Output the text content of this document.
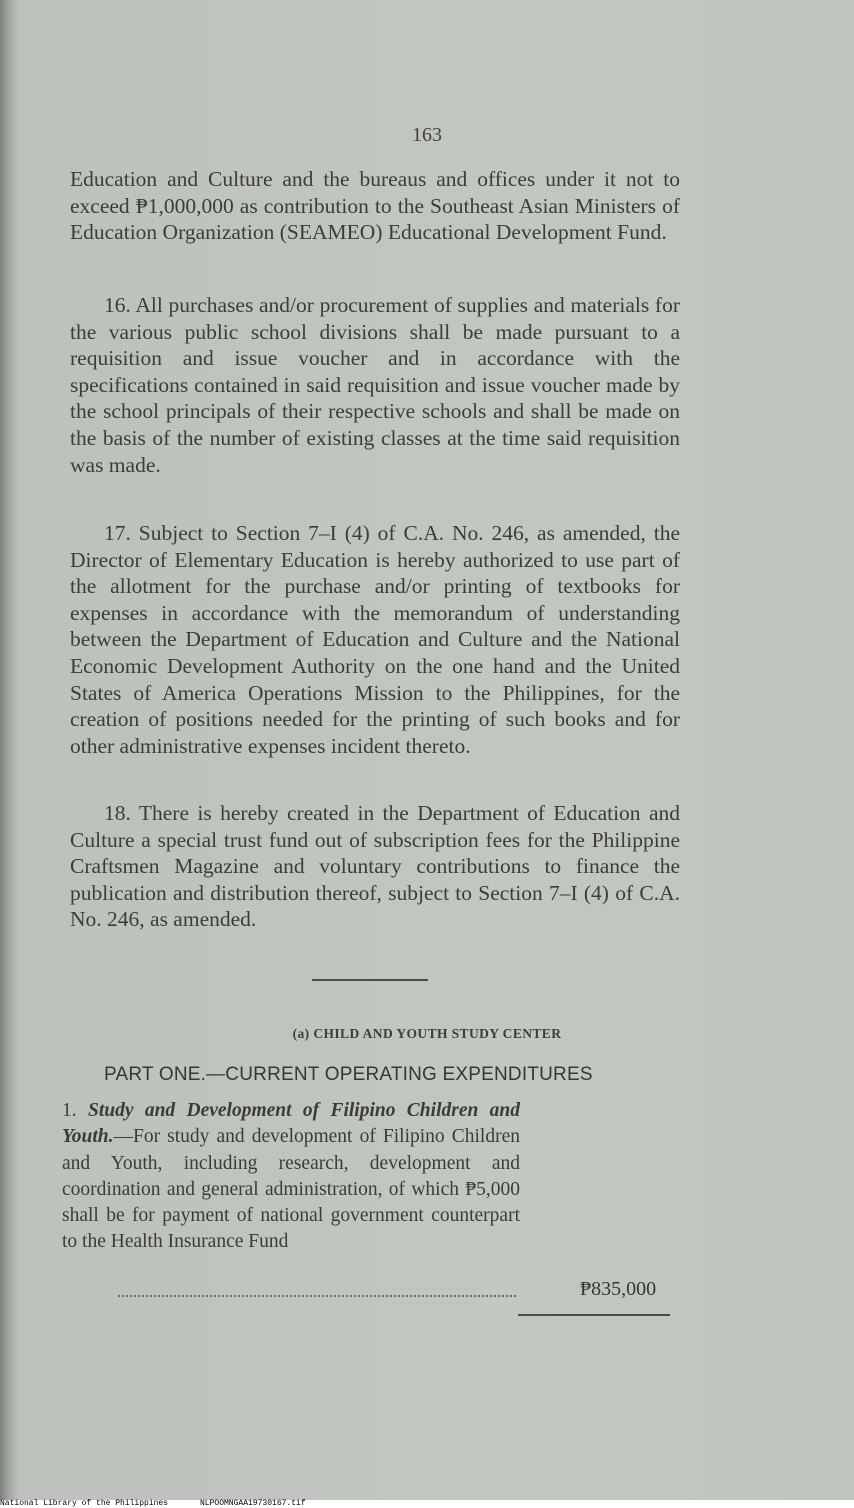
163

Education and Culture and the bureaus and offices under it not to exceed ₱1,000,000 as contribution to the Southeast Asian Ministers of Education Organization (SEAMEO) Educational Development Fund.

16. All purchases and/or procurement of supplies and materials for the various public school divisions shall be made pursuant to a requisition and issue voucher and in accordance with the specifications contained in said requisition and issue voucher made by the school principals of their respective schools and shall be made on the basis of the number of existing classes at the time said requisition was made.

17. Subject to Section 7–I (4) of C.A. No. 246, as amended, the Director of Elementary Education is hereby authorized to use part of the allotment for the purchase and/or printing of textbooks for expenses in accordance with the memorandum of understanding between the Department of Education and Culture and the National Economic Development Authority on the one hand and the United States of America Operations Mission to the Philippines, for the creation of positions needed for the printing of such books and for other administrative expenses incident thereto.

18. There is hereby created in the Department of Education and Culture a special trust fund out of subscription fees for the Philippine Craftsmen Magazine and voluntary contributions to finance the publication and distribution thereof, subject to Section 7–I (4) of C.A. No. 246, as amended.

(a) CHILD AND YOUTH STUDY CENTER
PART ONE.—CURRENT OPERATING EXPENDITURES
1. Study and Development of Filipino Children and Youth.—For study and development of Filipino Children and Youth, including research, development and coordination and general administration, of which ₱5,000 shall be for payment of national government counterpart to the Health Insurance Fund
₱835,000
National Library of the Philippines	NLPOOMNGAA19730167.tif
